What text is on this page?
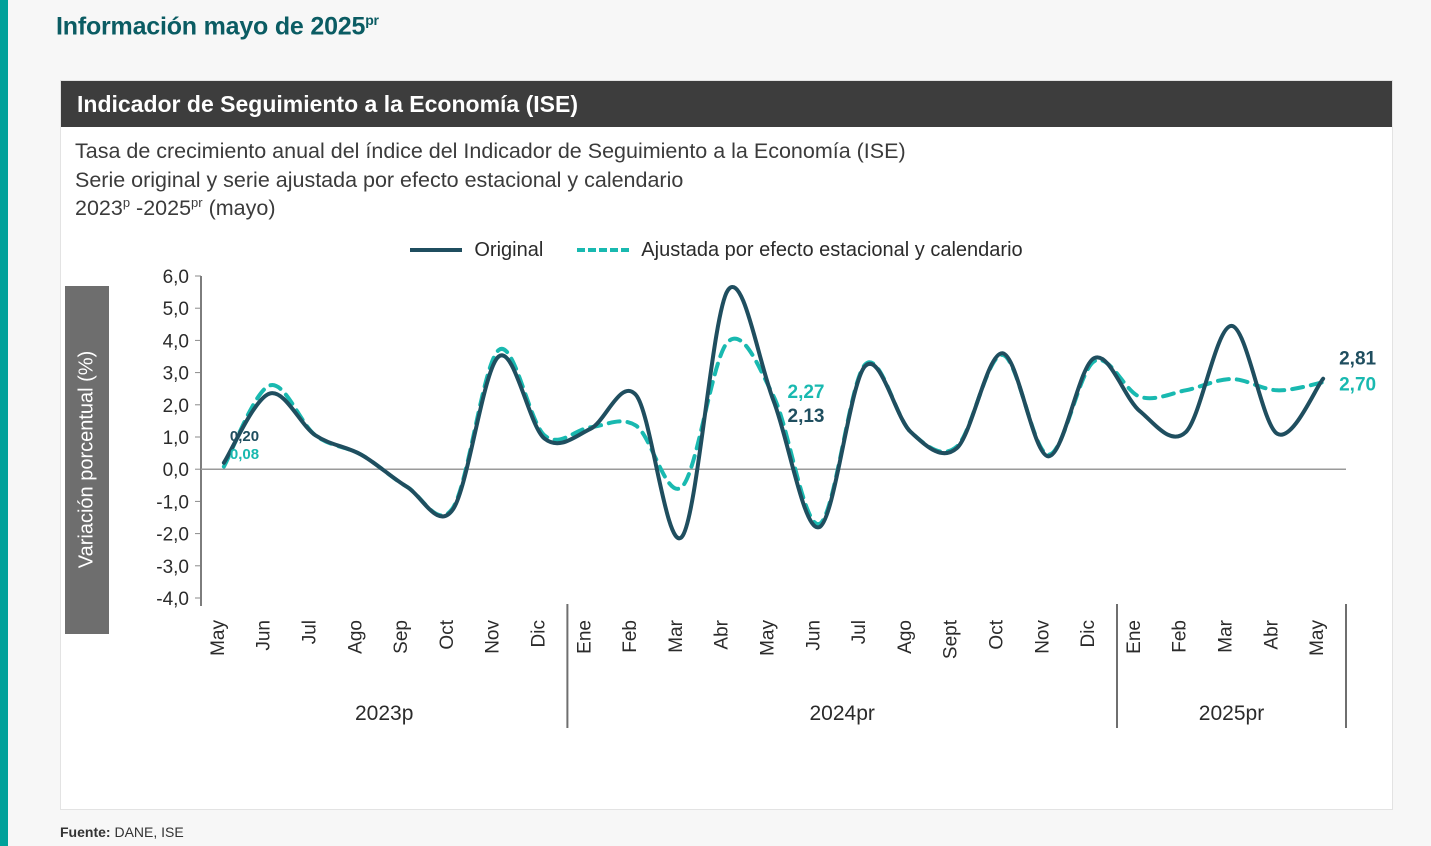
Información mayo de $2025^{pr}$
Indicador de Seguimiento a la Economía (ISE)
Tasa de crecimiento anual del índice del Indicador de Seguimiento a la Economía (ISE)
Serie original y serie ajustada por efecto estacional y calendario
2023$^p$ $-2025^{pr}$ (mayo)
Original	Ajustada por efecto estacional y calendario
Variación porcentual (%)
6,0
5,0
4,0
3,0
2,0
1,0
0,0
-1,0
-2,0
-3,0
-4,0
May Jun Jul Ago Sep Oct Nov Dic Ene Feb Mar Abr May Jun Jul Ago Sept Oct Nov Dic Ene Feb Mar Abr May
2023p	2024pr	2025pr
0,20
0,08
2,27
2,13
2,81
2,70
Fuente: DANE, ISE
